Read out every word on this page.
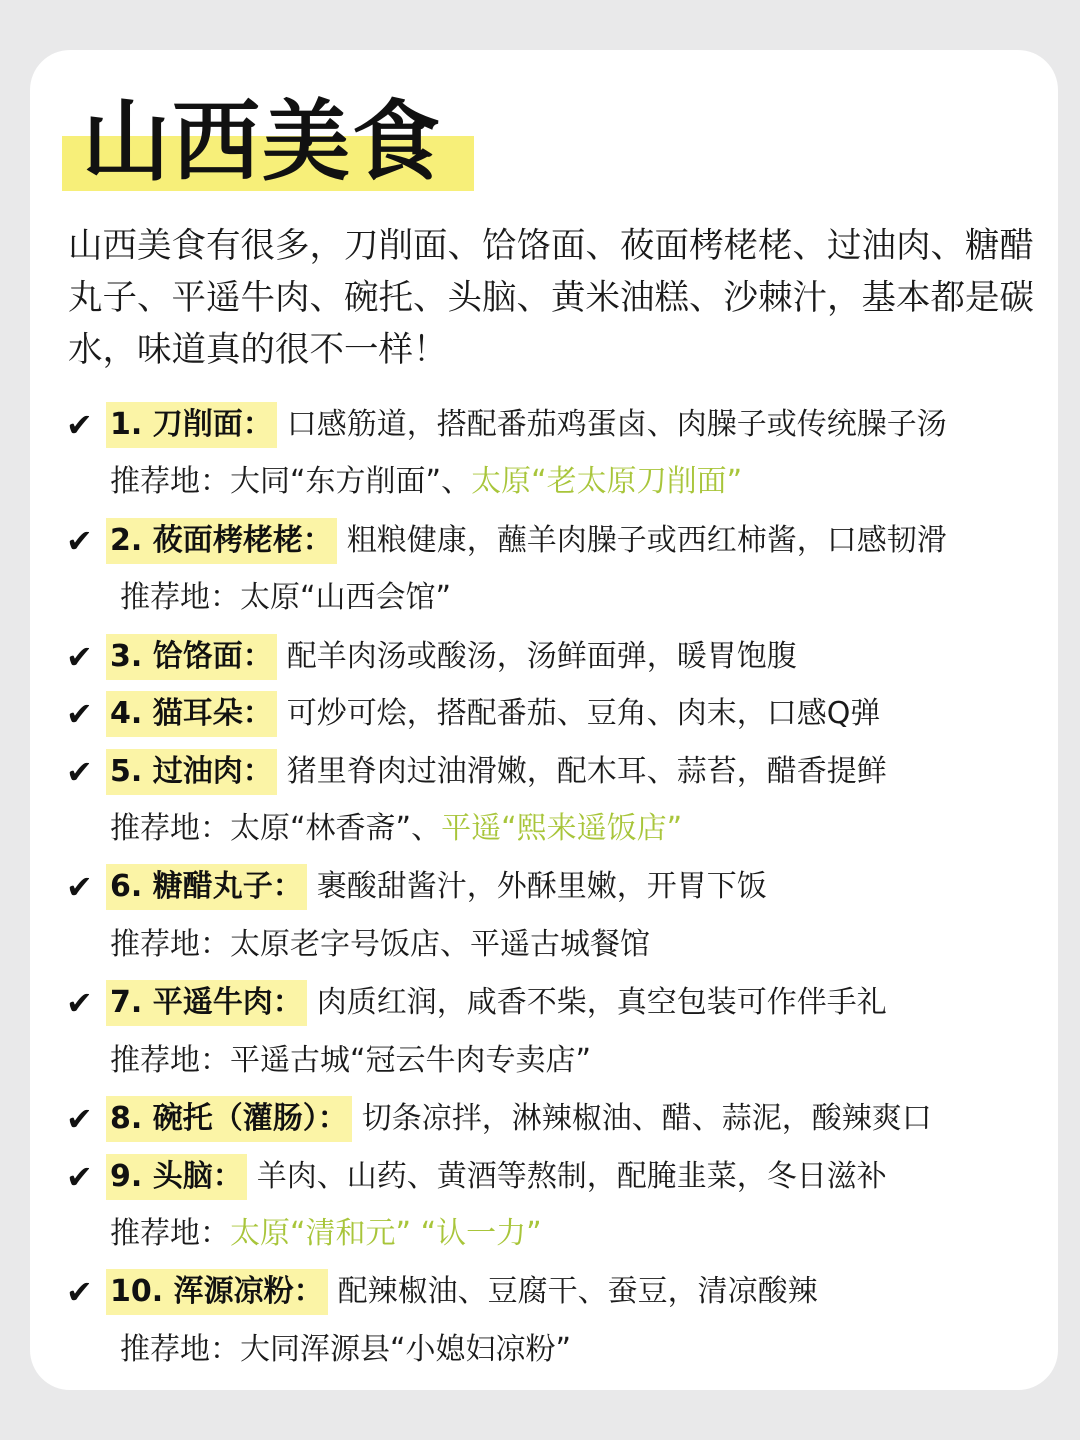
山西美食

山西美食有很多，刀削面、饸饹面、莜面栲栳栳、过油肉、糖醋丸子、平遥牛肉、碗托、头脑、黄米油糕、沙棘汁，基本都是碳水，味道真的很不一样！

✔ 1. 刀削面： 口感筋道，搭配番茄鸡蛋卤、肉臊子或传统臊子汤
推荐地：大同“东方削面”、太原“老太原刀削面”
✔ 2. 莜面栲栳栳： 粗粮健康，蘸羊肉臊子或西红柿酱，口感韧滑
推荐地：太原“山西会馆”
✔ 3. 饸饹面： 配羊肉汤或酸汤，汤鲜面弹，暖胃饱腹
✔ 4. 猫耳朵： 可炒可烩，搭配番茄、豆角、肉末，口感Q弹
✔ 5. 过油肉： 猪里脊肉过油滑嫩，配木耳、蒜苔，醋香提鲜
推荐地：太原“林香斋”、平遥“熙来遥饭店”
✔ 6. 糖醋丸子： 裹酸甜酱汁，外酥里嫩，开胃下饭
推荐地：太原老字号饭店、平遥古城餐馆
✔ 7. 平遥牛肉： 肉质红润，咸香不柴，真空包装可作伴手礼
推荐地：平遥古城“冠云牛肉专卖店”
✔ 8. 碗托（灌肠）： 切条凉拌，淋辣椒油、醋、蒜泥，酸辣爽口
✔ 9. 头脑： 羊肉、山药、黄酒等熬制，配腌韭菜，冬日滋补
推荐地：太原“清和元” “认一力”
✔ 10. 浑源凉粉： 配辣椒油、豆腐干、蚕豆，清凉酸辣
推荐地：大同浑源县“小媳妇凉粉”
